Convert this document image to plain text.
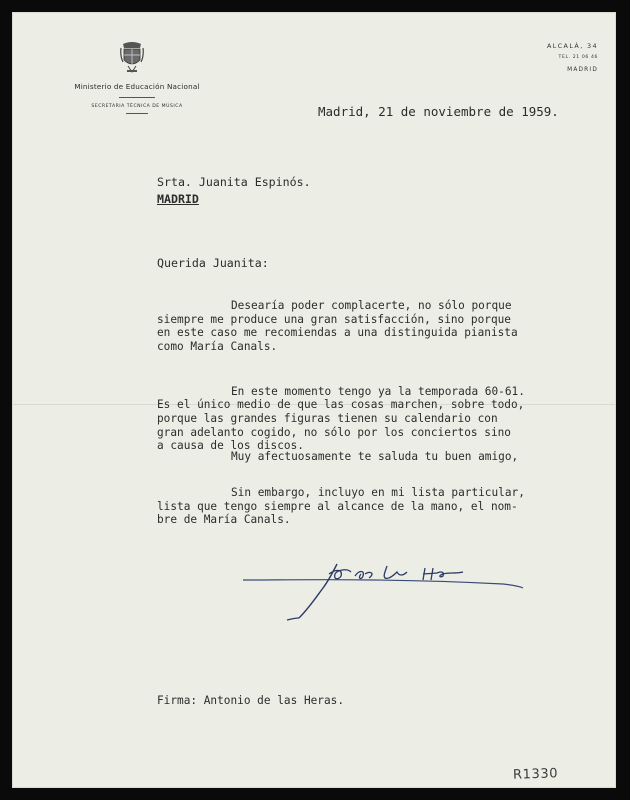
Ministerio de Educación Nacional
SECRETARIA TÉCNICA DE MÚSICA
ALCALÁ, 34
TEL. 21 06 46
MADRID
Madrid, 21 de noviembre de 1959.
Srta. Juanita Espinós.
MADRID
Querida Juanita:

Desearía poder complacerte, no sólo porque
siempre me produce una gran satisfacción, sino porque
en este caso me recomiendas a una distinguida pianista
como María Canals.

En este momento tengo ya la temporada 60-61.
Es el único medio de que las cosas marchen, sobre todo,
porque las grandes figuras tienen su calendario con
gran adelanto cogido, no sólo por los conciertos sino
a causa de los discos.

Sin embargo, incluyo en mi lista particular,
lista que tengo siempre al alcance de la mano, el nom-
bre de María Canals.

Muy afectuosamente te saluda tu buen amigo,
Firma: Antonio de las Heras.
R1330
